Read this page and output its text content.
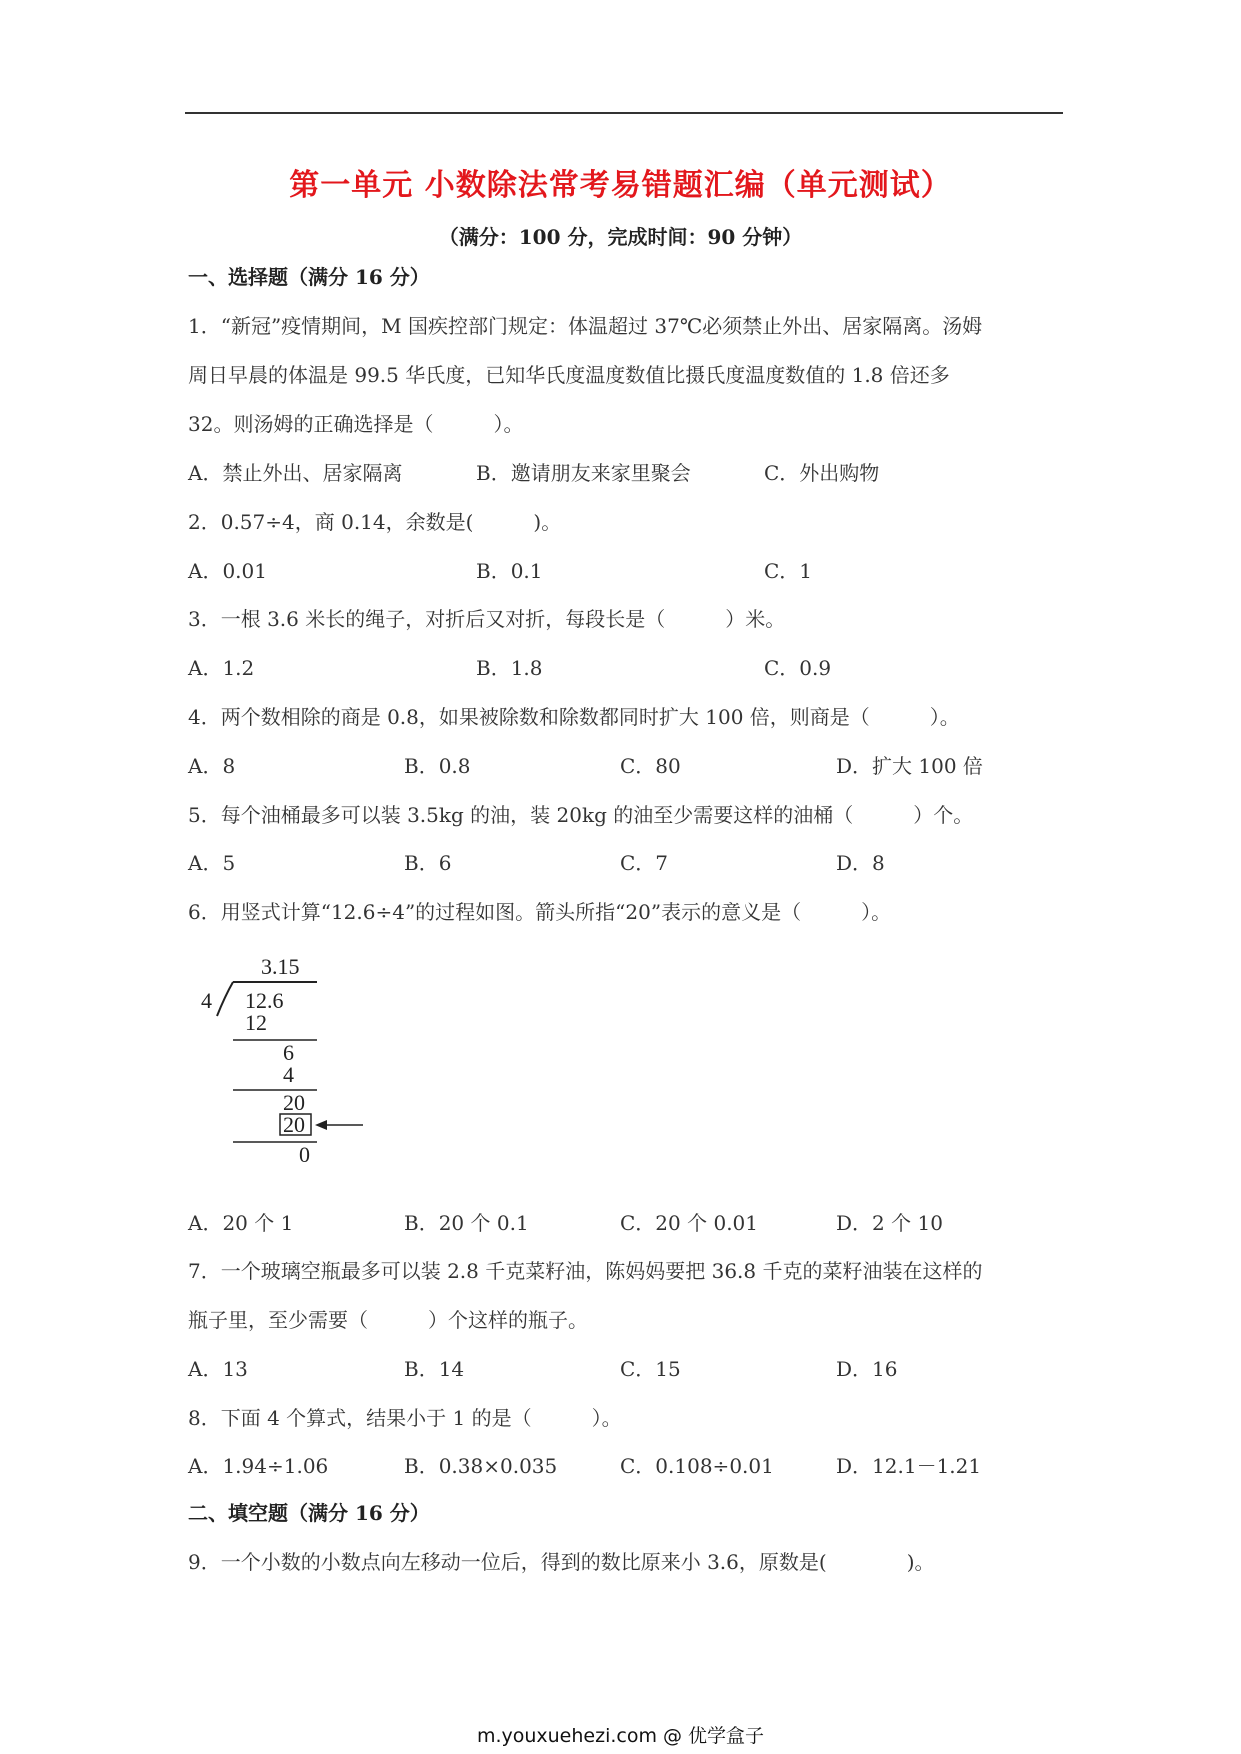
第一单元 小数除法常考易错题汇编（单元测试）
（满分：100 分，完成时间：90 分钟）
一、选择题（满分 16 分）
1．“新冠”疫情期间，M 国疾控部门规定：体温超过 37℃必须禁止外出、居家隔离。汤姆
周日早晨的体温是 99.5 华氏度，已知华氏度温度数值比摄氏度温度数值的 1.8 倍还多
32。则汤姆的正确选择是（　　　）。
A．禁止外出、居家隔离	B．邀请朋友来家里聚会	C．外出购物
2．0.57÷4，商 0.14，余数是(　　　)。
A．0.01	B．0.1	C．1
3．一根 3.6 米长的绳子，对折后又对折，每段长是（　　　）米。
A．1.2	B．1.8	C．0.9
4．两个数相除的商是 0.8，如果被除数和除数都同时扩大 100 倍，则商是（　　　）。
A．8	B．0.8	C．80	D．扩大 100 倍
5．每个油桶最多可以装 3.5kg 的油，装 20kg 的油至少需要这样的油桶（　　　）个。
A．5	B．6	C．7	D．8
6．用竖式计算“12.6÷4”的过程如图。箭头所指“20”表示的意义是（　　　）。
3.15
4 12.6
12
6
4
20
20
0
A．20 个 1	B．20 个 0.1	C．20 个 0.01	D．2 个 10
7．一个玻璃空瓶最多可以装 2.8 千克菜籽油，陈妈妈要把 36.8 千克的菜籽油装在这样的
瓶子里，至少需要（　　　）个这样的瓶子。
A．13	B．14	C．15	D．16
8．下面 4 个算式，结果小于 1 的是（　　　）。
A．1.94÷1.06	B．0.38×0.035	C．0.108÷0.01	D．12.1－1.21
二、填空题（满分 16 分）
9．一个小数的小数点向左移动一位后，得到的数比原来小 3.6，原数是(　　　　)。
m.youxuehezi.com @ 优学盒子
